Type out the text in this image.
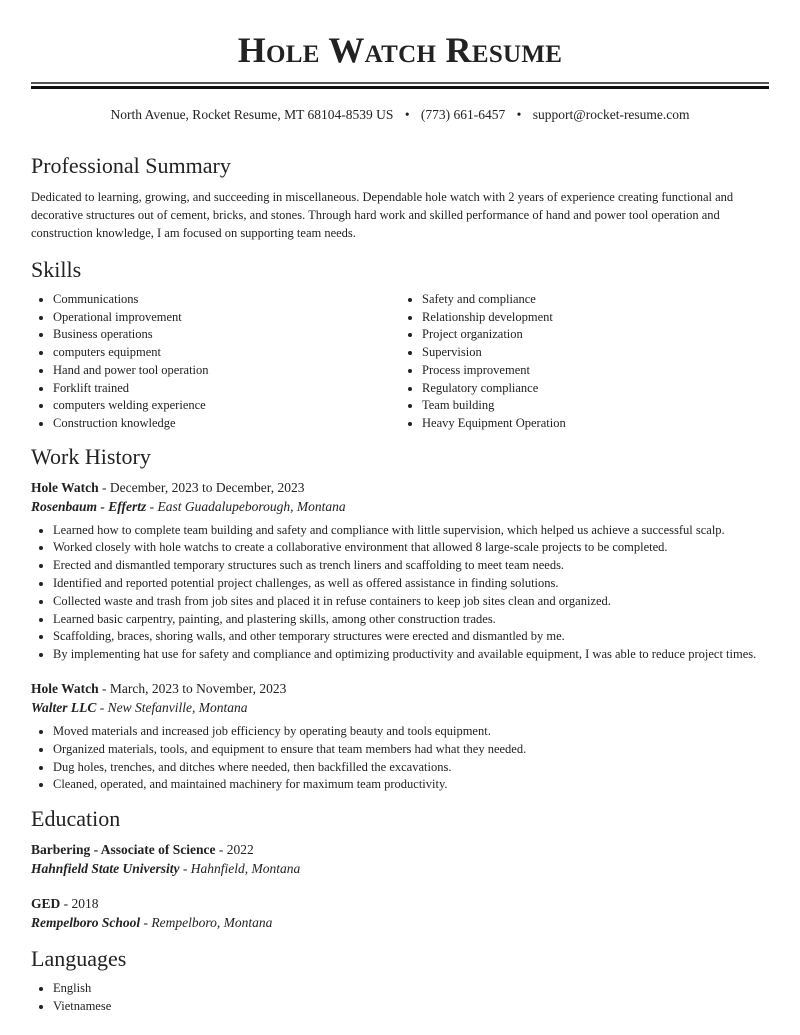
Hole Watch Resume
North Avenue, Rocket Resume, MT 68104-8539 US • (773) 661-6457 • support@rocket-resume.com
Professional Summary

Dedicated to learning, growing, and succeeding in miscellaneous. Dependable hole watch with 2 years of experience creating functional and decorative structures out of cement, bricks, and stones. Through hard work and skilled performance of hand and power tool operation and construction knowledge, I am focused on supporting team needs.

Skills
• Communications
• Operational improvement
• Business operations
• computers equipment
• Hand and power tool operation
• Forklift trained
• computers welding experience
• Construction knowledge
• Safety and compliance
• Relationship development
• Project organization
• Supervision
• Process improvement
• Regulatory compliance
• Team building
• Heavy Equipment Operation
Work History
Hole Watch - December, 2023 to December, 2023
Rosenbaum - Effertz - East Guadalupeborough, Montana
• Learned how to complete team building and safety and compliance with little supervision, which helped us achieve a successful scalp.
• Worked closely with hole watchs to create a collaborative environment that allowed 8 large-scale projects to be completed.
• Erected and dismantled temporary structures such as trench liners and scaffolding to meet team needs.
• Identified and reported potential project challenges, as well as offered assistance in finding solutions.
• Collected waste and trash from job sites and placed it in refuse containers to keep job sites clean and organized.
• Learned basic carpentry, painting, and plastering skills, among other construction trades.
• Scaffolding, braces, shoring walls, and other temporary structures were erected and dismantled by me.
• By implementing hat use for safety and compliance and optimizing productivity and available equipment, I was able to reduce project times.
Hole Watch - March, 2023 to November, 2023
Walter LLC - New Stefanville, Montana
• Moved materials and increased job efficiency by operating beauty and tools equipment.
• Organized materials, tools, and equipment to ensure that team members had what they needed.
• Dug holes, trenches, and ditches where needed, then backfilled the excavations.
• Cleaned, operated, and maintained machinery for maximum team productivity.
Education
Barbering - Associate of Science - 2022
Hahnfield State University - Hahnfield, Montana
GED - 2018
Rempelboro School - Rempelboro, Montana
Languages
• English
• Vietnamese
